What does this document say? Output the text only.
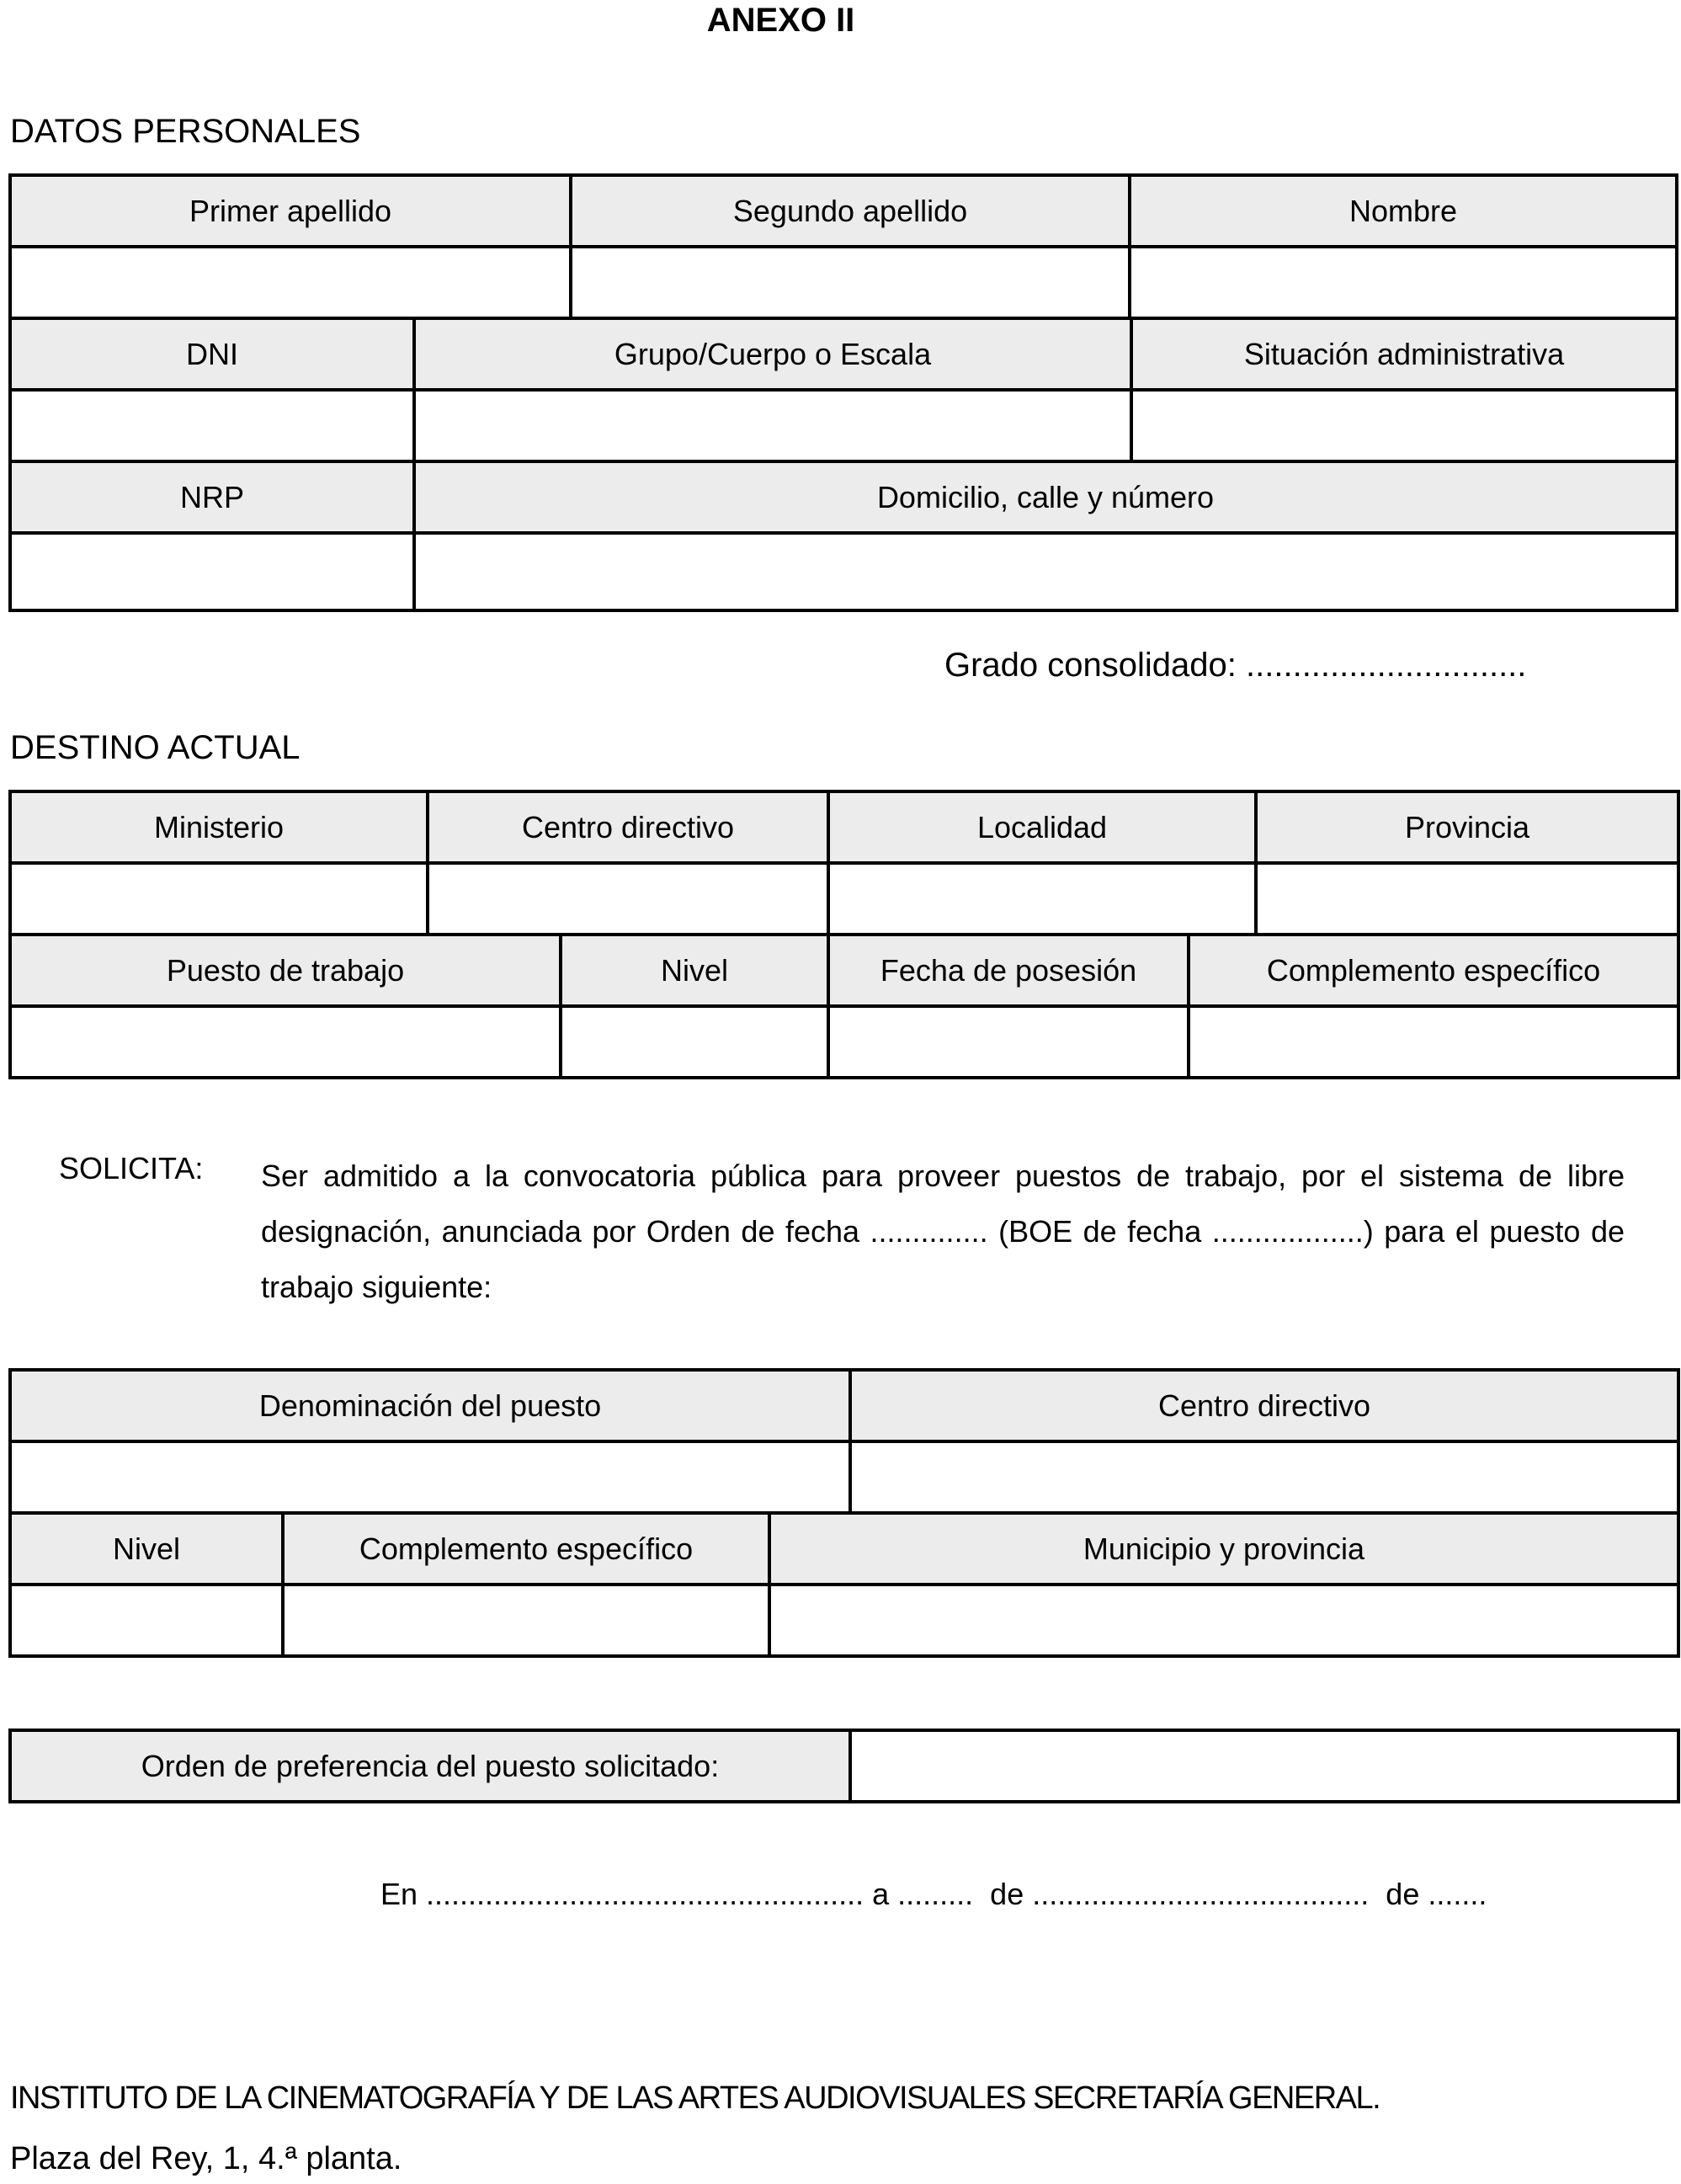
ANEXO II
DATOS PERSONALES
Primer apellido		Segundo apellido	Nombre	

DNI	Grupo/Cuerpo o Escala			Situación administrativa

NRP	Domicilio, calle y número			

Grado consolidado: ..............................
DESTINO ACTUAL
Ministerio	Centro directivo		Localidad		Provincia

Puesto de trabajo		Nivel	Fecha de posesión	Complemento específico	

SOLICITA: Ser admitido a la convocatoria pública para proveer puestos de trabajo, por el sistema de libre designación, anunciada por Orden de fecha .............. (BOE de fecha ..................) para el puesto de trabajo siguiente:
Denominación del puesto			Centro directivo

Nivel	Complemento específico	Municipio y provincia	

Orden de preferencia del puesto solicitado:	
En .................................................... a .........  de ........................................  de .......
INSTITUTO DE LA CINEMATOGRAFÍA Y DE LAS ARTES AUDIOVISUALES SECRETARÍA GENERAL.
Plaza del Rey, 1, 4.ª planta.
